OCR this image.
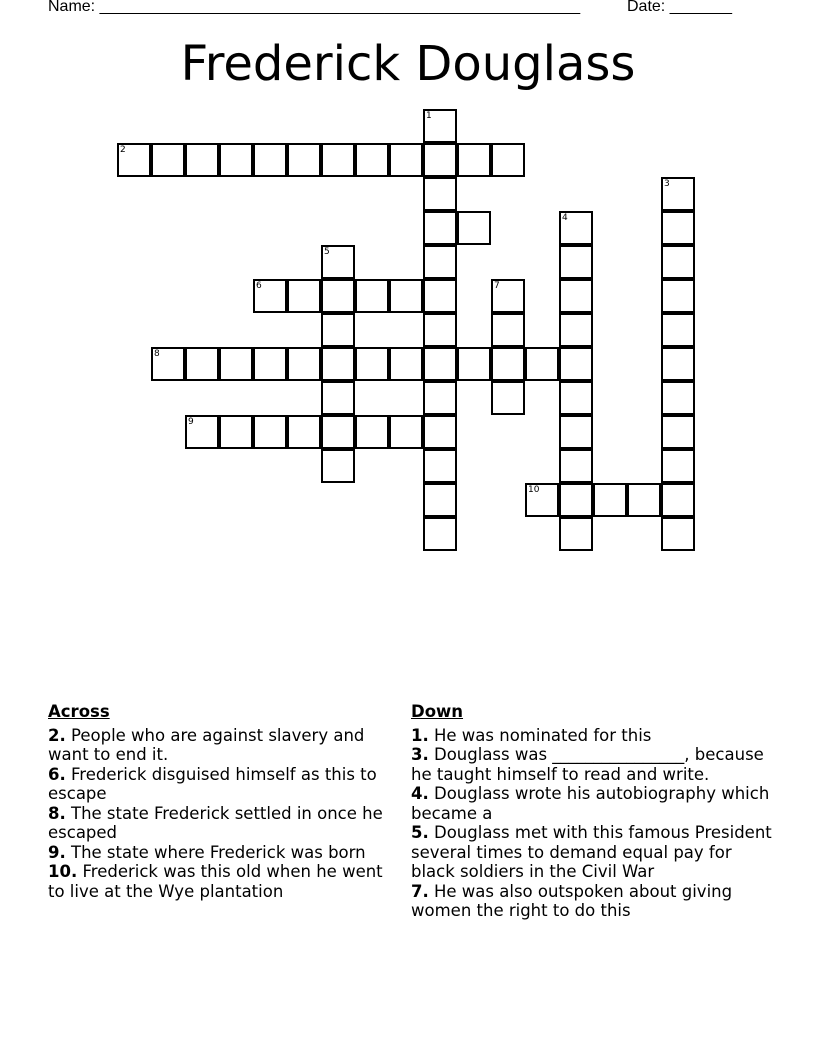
Name: ______________________________________________________	Date: _______
Frederick Douglass
1
2
3
4
5
6	7
8
9
10
Across
2. People who are against slavery and want to end it.
6. Frederick disguised himself as this to escape
8. The state Frederick settled in once he escaped
9. The state where Frederick was born
10. Frederick was this old when he went to live at the Wye plantation
Down
1. He was nominated for this
3. Douglass was ________________, because he taught himself to read and write.
4. Douglass wrote his autobiography which became a
5. Douglass met with this famous President several times to demand equal pay for black soldiers in the Civil War
7. He was also outspoken about giving women the right to do this
